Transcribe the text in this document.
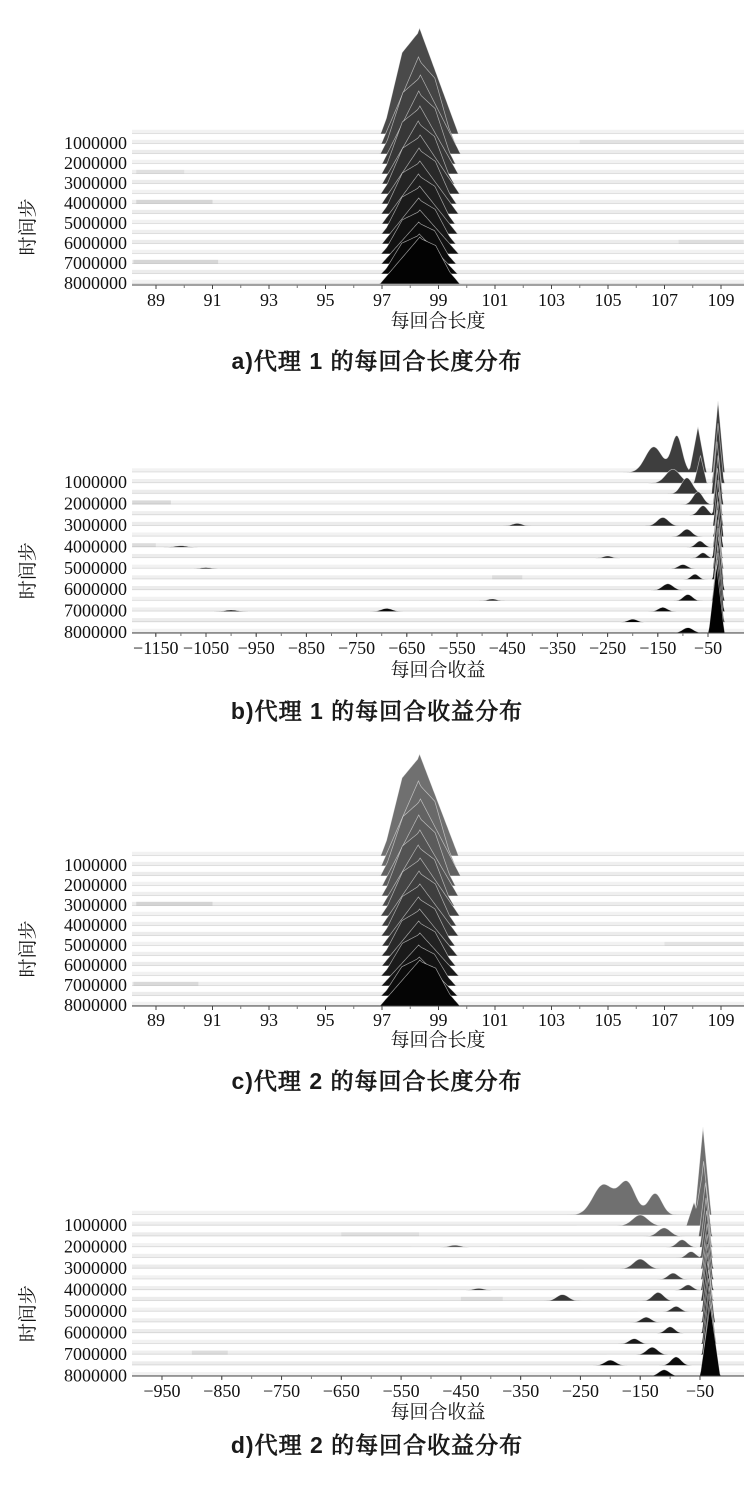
89 91 93 95 97 99 101 103 105 107 109
每回合长度
1000000
2000000
3000000
4000000
5000000
6000000
7000000
8000000
时间步
a)代理 1 的每回合长度分布
−1150 −1050 −950 −850 −750 −650 −550 −450 −350 −250 −150 −50
每回合收益
1000000
2000000
3000000
4000000
5000000
6000000
7000000
8000000
时间步
b)代理 1 的每回合收益分布
89 91 93 95 97 99 101 103 105 107 109
每回合长度
1000000
2000000
3000000
4000000
5000000
6000000
7000000
8000000
时间步
c)代理 2 的每回合长度分布
−950 −850 −750 −650 −550 −450 −350 −250 −150 −50
每回合收益
1000000
2000000
3000000
4000000
5000000
6000000
7000000
8000000
时间步
d)代理 2 的每回合收益分布
